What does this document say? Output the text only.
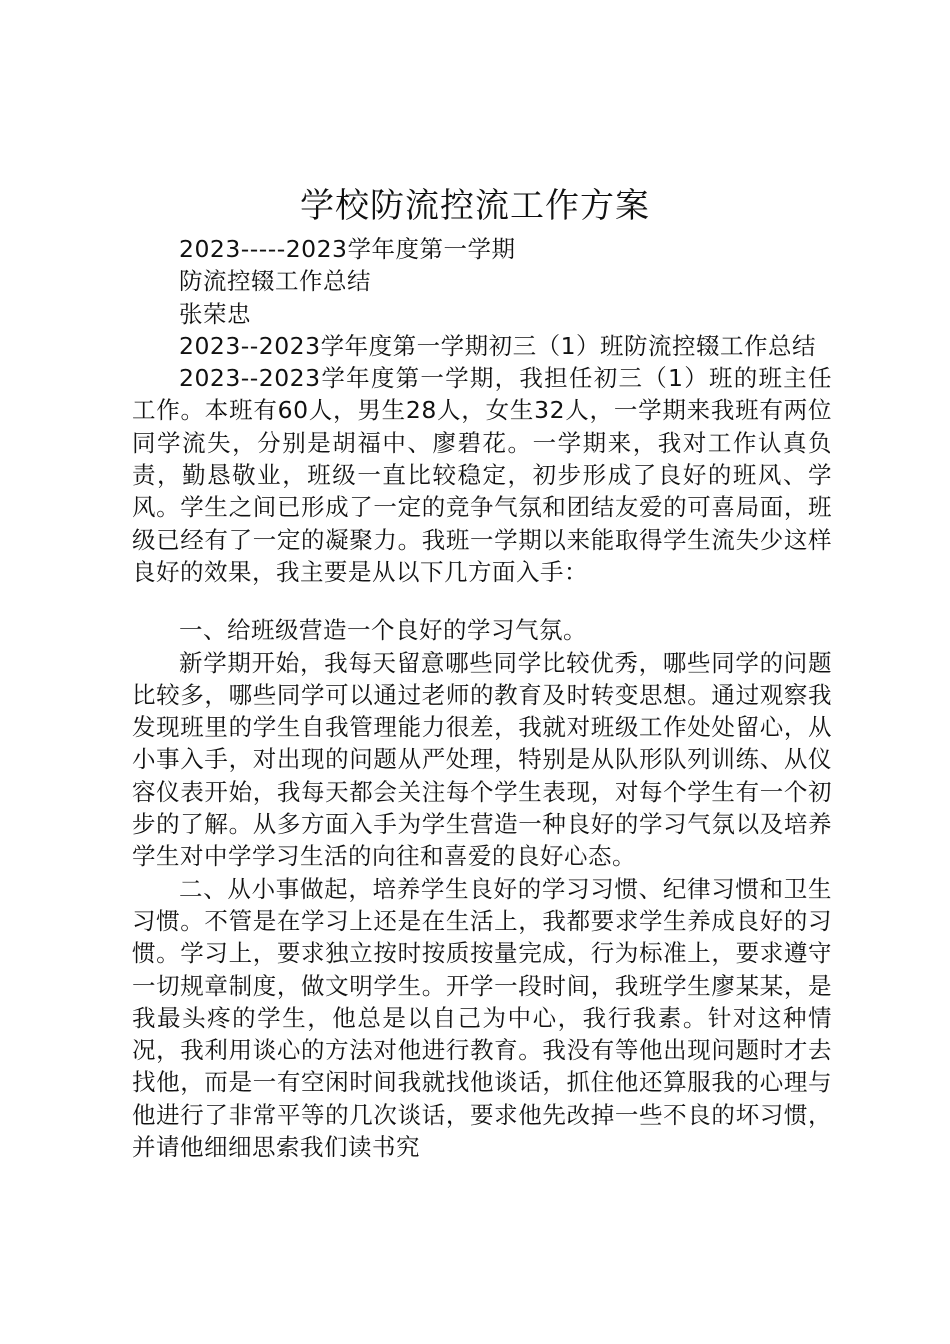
学校防流控流工作方案

2023-----2023学年度第一学期

防流控辍工作总结

张荣忠

2023--2023学年度第一学期初三（1）班防流控辍工作总结

2023--2023学年度第一学期，我担任初三（1）班的班主任工作。本班有60人，男生28人，女生32人，一学期来我班有两位同学流失，分别是胡福中、廖碧花。一学期来，我对工作认真负责，勤恳敬业，班级一直比较稳定，初步形成了良好的班风、学风。学生之间已形成了一定的竞争气氛和团结友爱的可喜局面，班级已经有了一定的凝聚力。我班一学期以来能取得学生流失少这样良好的效果，我主要是从以下几方面入手：

一、给班级营造一个良好的学习气氛。

新学期开始，我每天留意哪些同学比较优秀，哪些同学的问题比较多，哪些同学可以通过老师的教育及时转变思想。通过观察我发现班里的学生自我管理能力很差，我就对班级工作处处留心，从小事入手，对出现的问题从严处理，特别是从队形队列训练、从仪容仪表开始，我每天都会关注每个学生表现，对每个学生有一个初步的了解。从多方面入手为学生营造一种良好的学习气氛以及培养学生对中学学习生活的向往和喜爱的良好心态。

二、从小事做起，培养学生良好的学习习惯、纪律习惯和卫生习惯。不管是在学习上还是在生活上，我都要求学生养成良好的习惯。学习上，要求独立按时按质按量完成，行为标准上，要求遵守一切规章制度，做文明学生。开学一段时间，我班学生廖某某，是我最头疼的学生，他总是以自己为中心，我行我素。针对这种情况，我利用谈心的方法对他进行教育。我没有等他出现问题时才去找他，而是一有空闲时间我就找他谈话，抓住他还算服我的心理与他进行了非常平等的几次谈话，要求他先改掉一些不良的坏习惯，并请他细细思索我们读书究
